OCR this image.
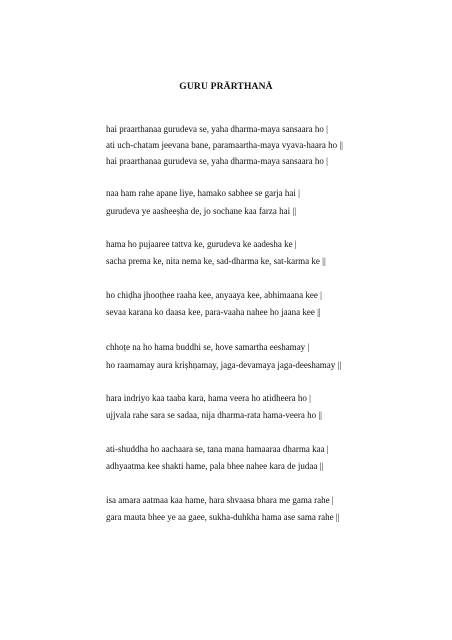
GURU PRĀRTHANĀ
hai praarthanaa gurudeva se, yaha dharma-maya sansaara ho |
ati uch-chatam jeevana bane, paramaartha-maya vyava-haara ho ||
hai praarthanaa gurudeva se, yaha dharma-maya sansaara ho |
naa ham rahe apane liye, hamako sabhee se garja hai |
gurudeva ye aasheeṣha de, jo sochane kaa farza hai ||
hama ho pujaaree tattva ke, gurudeva ke aadesha ke |
sacha prema ke, nita nema ke, sad-dharma ke, sat-karma ke ||
ho chiḍha jhooṭhee raaha kee, anyaaya kee, abhimaana kee |
sevaa karana ko daasa kee, para-vaaha nahee ho jaana kee ||
chhoṭe na ho hama buddhi se, hove samartha eeshamay |
ho raamamay aura kriṣhṇamay, jaga-devamaya jaga-deeshamay ||
hara indriyo kaa taaba kara, hama veera ho atidheera ho |
ujjvala rahe sara se sadaa, nija dharma-rata hama-veera ho ||
ati-shuddha ho aachaara se, tana mana hamaaraa dharma kaa |
adhyaatma kee shakti hame, pala bhee nahee kara de judaa ||
isa amara aatmaa kaa hame, hara shvaasa bhara me gama rahe |
gara mauta bhee ye aa gaee, sukha-duhkha hama ase sama rahe ||
